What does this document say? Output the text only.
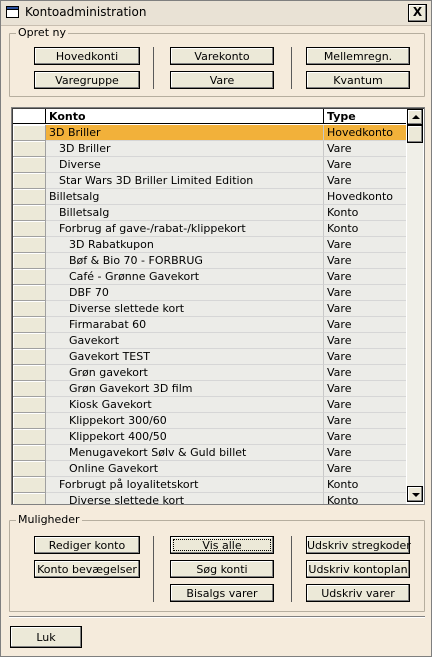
Kontoadministration	X
Opret ny
Hovedkonti
Varegruppe
Varekonto
Vare
Mellemregn.
Kvantum
Konto	Type
3D Briller	Hovedkonto
3D Briller	Vare
Diverse	Vare
Star Wars 3D Briller Limited Edition	Vare
Billetsalg	Hovedkonto
Billetsalg	Konto
Forbrug af gave-/rabat-/klippekort	Konto
3D Rabatkupon	Vare
Bøf & Bio 70 - FORBRUG	Vare
Café - Grønne Gavekort	Vare
DBF 70	Vare
Diverse slettede kort	Vare
Firmarabat 60	Vare
Gavekort	Vare
Gavekort TEST	Vare
Grøn gavekort	Vare
Grøn Gavekort 3D film	Vare
Kiosk Gavekort	Vare
Klippekort 300/60	Vare
Klippekort 400/50	Vare
Menugavekort Sølv & Guld billet	Vare
Online Gavekort	Vare
Forbrugt på loyalitetskort	Konto
Diverse slettede kort	Konto
Muligheder
Rediger konto
Konto bevægelser
Vis alle
Søg konti
Bisalgs varer
Udskriv stregkoder
Udskriv kontoplan
Udskriv varer
Luk
